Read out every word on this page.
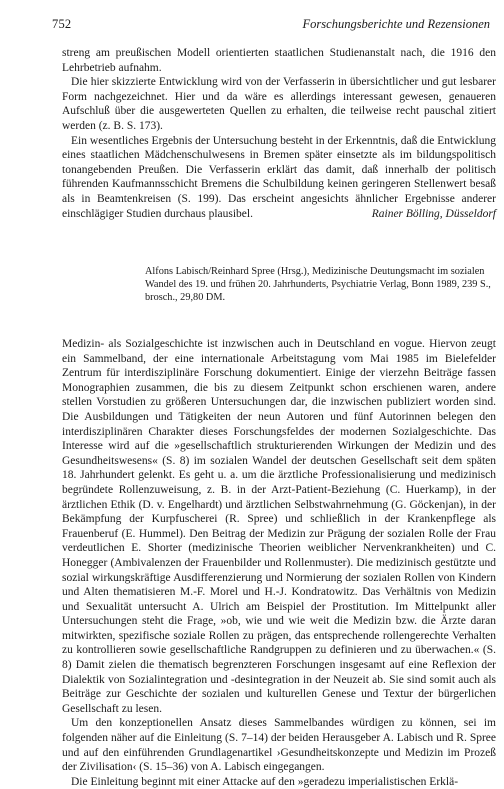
752	Forschungsberichte und Rezensionen

streng am preußischen Modell orientierten staatlichen Studienanstalt nach, die 1916 den Lehrbetrieb aufnahm.

Die hier skizzierte Entwicklung wird von der Verfasserin in übersichtlicher und gut lesbarer Form nachgezeichnet. Hier und da wäre es allerdings interessant gewesen, genaueren Aufschluß über die ausgewerteten Quellen zu erhalten, die teilweise recht pauschal zitiert werden (z. B. S. 173).

Ein wesentliches Ergebnis der Untersuchung besteht in der Erkenntnis, daß die Entwicklung eines staatlichen Mädchenschulwesens in Bremen später einsetzte als im bildungspolitisch tonangebenden Preußen. Die Verfasserin erklärt das damit, daß innerhalb der politisch führenden Kaufmannsschicht Bremens die Schulbildung keinen geringeren Stellenwert besaß als in Beamtenkreisen (S. 199). Das erscheint angesichts ähnlicher Ergebnisse anderer einschlägiger Studien durchaus plausibel.	Rainer Bölling, Düsseldorf

Alfons Labisch/Reinhard Spree (Hrsg.), Medizinische Deutungsmacht im sozialen Wandel des 19. und frühen 20. Jahrhunderts, Psychiatrie Verlag, Bonn 1989, 239 S., brosch., 29,80 DM.

Medizin- als Sozialgeschichte ist inzwischen auch in Deutschland en vogue. Hiervon zeugt ein Sammelband, der eine internationale Arbeitstagung vom Mai 1985 im Bielefelder Zentrum für interdisziplinäre Forschung dokumentiert. Einige der vierzehn Beiträge fassen Monographien zusammen, die bis zu diesem Zeitpunkt schon erschienen waren, andere stellen Vorstudien zu größeren Untersuchungen dar, die inzwischen publiziert worden sind. Die Ausbildungen und Tätigkeiten der neun Autoren und fünf Autorinnen belegen den interdisziplinären Charakter dieses Forschungsfeldes der modernen Sozialgeschichte. Das Interesse wird auf die »gesellschaftlich strukturierenden Wirkungen der Medizin und des Gesundheitswesens« (S. 8) im sozialen Wandel der deutschen Gesellschaft seit dem späten 18. Jahrhundert gelenkt. Es geht u. a. um die ärztliche Professionalisierung und medizinisch begründete Rollenzuweisung, z. B. in der Arzt-Patient-Beziehung (C. Huerkamp), in der ärztlichen Ethik (D. v. Engelhardt) und ärztlichen Selbstwahrnehmung (G. Göckenjan), in der Bekämpfung der Kurpfuscherei (R. Spree) und schließlich in der Krankenpflege als Frauenberuf (E. Hummel). Den Beitrag der Medizin zur Prägung der sozialen Rolle der Frau verdeutlichen E. Shorter (medizinische Theorien weiblicher Nervenkrankheiten) und C. Honegger (Ambivalenzen der Frauenbilder und Rollenmuster). Die medizinisch gestützte und sozial wirkungskräftige Ausdifferenzierung und Normierung der sozialen Rollen von Kindern und Alten thematisieren M.-F. Morel und H.-J. Kondratowitz. Das Verhältnis von Medizin und Sexualität untersucht A. Ulrich am Beispiel der Prostitution. Im Mittelpunkt aller Untersuchungen steht die Frage, »ob, wie und wie weit die Medizin bzw. die Ärzte daran mitwirkten, spezifische soziale Rollen zu prägen, das entsprechende rollengerechte Verhalten zu kontrollieren sowie gesellschaftliche Randgruppen zu definieren und zu überwachen.« (S. 8) Damit zielen die thematisch begrenzteren Forschungen insgesamt auf eine Reflexion der Dialektik von Sozialintegration und -desintegration in der Neuzeit ab. Sie sind somit auch als Beiträge zur Geschichte der sozialen und kulturellen Genese und Textur der bürgerlichen Gesellschaft zu lesen.

Um den konzeptionellen Ansatz dieses Sammelbandes würdigen zu können, sei im folgenden näher auf die Einleitung (S. 7–14) der beiden Herausgeber A. Labisch und R. Spree und auf den einführenden Grundlagenartikel ›Gesundheitskonzepte und Medizin im Prozeß der Zivilisation‹ (S. 15–36) von A. Labisch eingegangen.

Die Einleitung beginnt mit einer Attacke auf den »geradezu imperialistischen Erklä-
